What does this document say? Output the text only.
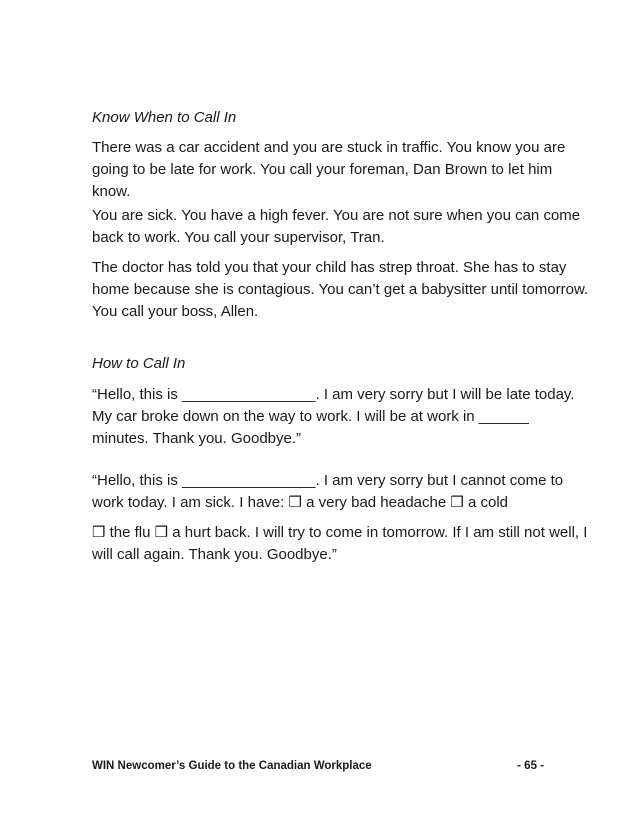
Know When to Call In

There was a car accident and you are stuck in traffic. You know you are
going to be late for work. You call your foreman, Dan Brown to let him
know.

You are sick. You have a high fever. You are not sure when you can come
back to work. You call your supervisor, Tran.

The doctor has told you that your child has strep throat. She has to stay
home because she is contagious. You can’t get a babysitter until tomorrow.
You call your boss, Allen.

How to Call In

“Hello, this is ________________. I am very sorry but I will be late today.
My car broke down on the way to work. I will be at work in ______
minutes. Thank you. Goodbye.”

“Hello, this is ________________. I am very sorry but I cannot come to
work today. I am sick. I have: ❒ a very bad headache ❒ a cold

❒ the flu ❒ a hurt back. I will try to come in tomorrow. If I am still not well, I
will call again. Thank you. Goodbye.”

WIN Newcomer’s Guide to the Canadian Workplace	- 65 -
